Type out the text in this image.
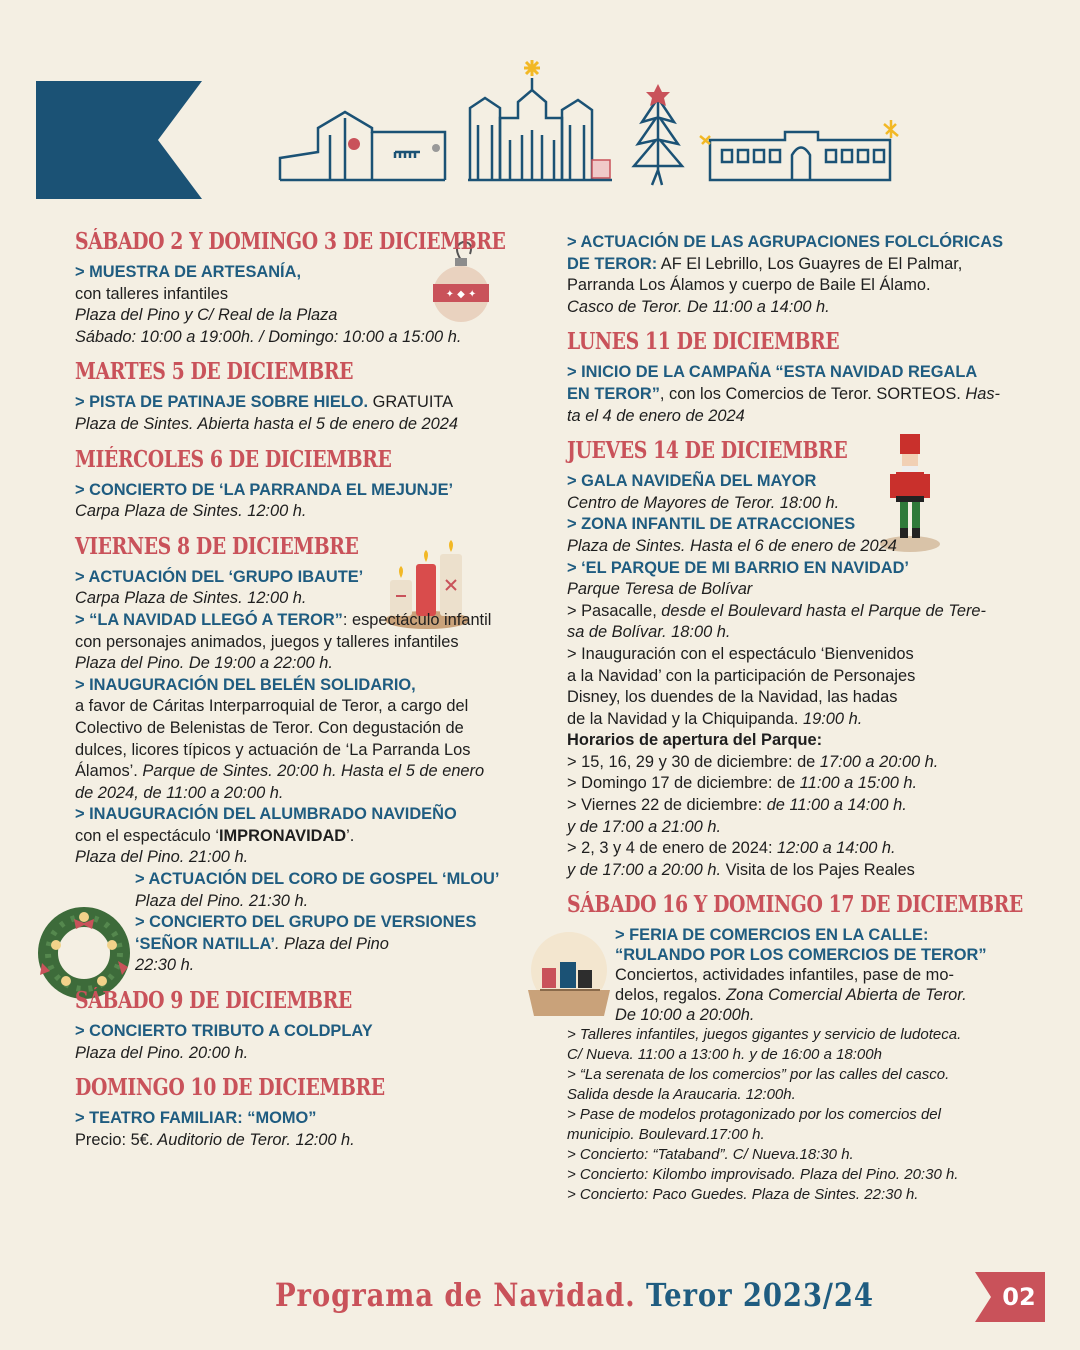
✦ ◆ ✦
SÁBADO 2 Y DOMINGO 3 DE DICIEMBRE
> MUESTRA DE ARTESANÍA,
con talleres infantiles
Plaza del Pino y C/ Real de la Plaza
Sábado: 10:00 a 19:00h. / Domingo: 10:00 a 15:00 h.
MARTES 5 DE DICIEMBRE
> PISTA DE PATINAJE SOBRE HIELO. GRATUITA
Plaza de Sintes. Abierta hasta el 5 de enero de 2024
MIÉRCOLES 6 DE DICIEMBRE
> CONCIERTO DE ‘LA PARRANDA EL MEJUNJE’
Carpa Plaza de Sintes. 12:00 h.
VIERNES 8 DE DICIEMBRE
> ACTUACIÓN DEL ‘GRUPO IBAUTE’
Carpa Plaza de Sintes. 12:00 h.
> “LA NAVIDAD LLEGÓ A TEROR”: espectáculo infantil
con personajes animados, juegos y talleres infantiles
Plaza del Pino. De 19:00 a 22:00 h.
> INAUGURACIÓN DEL BELÉN SOLIDARIO,
a favor de Cáritas Interparroquial de Teror, a cargo del
Colectivo de Belenistas de Teror. Con degustación de
dulces, licores típicos y actuación de ‘La Parranda Los
Álamos’. Parque de Sintes. 20:00 h. Hasta el 5 de enero
de 2024, de 11:00 a 20:00 h.
> INAUGURACIÓN DEL ALUMBRADO NAVIDEÑO
con el espectáculo ‘IMPRONAVIDAD’.
Plaza del Pino. 21:00 h.
> ACTUACIÓN DEL CORO DE GOSPEL ‘MLOU’
Plaza del Pino. 21:30 h.
> CONCIERTO DEL GRUPO DE VERSIONES
‘SEÑOR NATILLA’. Plaza del Pino
22:30 h.
SÁBADO 9 DE DICIEMBRE
> CONCIERTO TRIBUTO A COLDPLAY
Plaza del Pino. 20:00 h.
DOMINGO 10 DE DICIEMBRE
> TEATRO FAMILIAR: “MOMO”
Precio: 5€. Auditorio de Teror. 12:00 h.
> ACTUACIÓN DE LAS AGRUPACIONES FOLCLÓRICAS
DE TEROR: AF El Lebrillo, Los Guayres de El Palmar,
Parranda Los Álamos y cuerpo de Baile El Álamo.
Casco de Teror. De 11:00 a 14:00 h.
LUNES 11 DE DICIEMBRE
> INICIO DE LA CAMPAÑA “ESTA NAVIDAD REGALA
EN TEROR”, con los Comercios de Teror. SORTEOS. Has-
ta el 4 de enero de 2024
JUEVES 14 DE DICIEMBRE
> GALA NAVIDEÑA DEL MAYOR
Centro de Mayores de Teror. 18:00 h.
> ZONA INFANTIL DE ATRACCIONES
Plaza de Sintes. Hasta el 6 de enero de 2024
> ‘EL PARQUE DE MI BARRIO EN NAVIDAD’
Parque Teresa de Bolívar
> Pasacalle, desde el Boulevard hasta el Parque de Tere-
sa de Bolívar. 18:00 h.
> Inauguración con el espectáculo ‘Bienvenidos
a la Navidad’ con la participación de Personajes
Disney, los duendes de la Navidad, las hadas
de la Navidad y la Chiquipanda. 19:00 h.
Horarios de apertura del Parque:
> 15, 16, 29 y 30 de diciembre: de 17:00 a 20:00 h.
> Domingo 17 de diciembre: de 11:00 a 15:00 h.
> Viernes 22 de diciembre: de 11:00 a 14:00 h.
y de 17:00 a 21:00 h.
> 2, 3 y 4 de enero de 2024: 12:00 a 14:00 h.
y de 17:00 a 20:00 h. Visita de los Pajes Reales
SÁBADO 16 Y DOMINGO 17 DE DICIEMBRE
> FERIA DE COMERCIOS EN LA CALLE:
“RULANDO POR LOS COMERCIOS DE TEROR”
Conciertos, actividades infantiles, pase de mo-
delos, regalos. Zona Comercial Abierta de Teror.
De 10:00 a 20:00h.
> Talleres infantiles, juegos gigantes y servicio de ludoteca.
C/ Nueva. 11:00 a 13:00 h. y de 16:00 a 18:00h
> “La serenata de los comercios” por las calles del casco.
Salida desde la Araucaria. 12:00h.
> Pase de modelos protagonizado por los comercios del
municipio. Boulevard.17:00 h.
> Concierto: “Tataband”. C/ Nueva.18:30 h.
> Concierto: Kilombo improvisado. Plaza del Pino. 20:30 h.
> Concierto: Paco Guedes. Plaza de Sintes. 22:30 h.
Programa de Navidad. Teror 2023/24	02
